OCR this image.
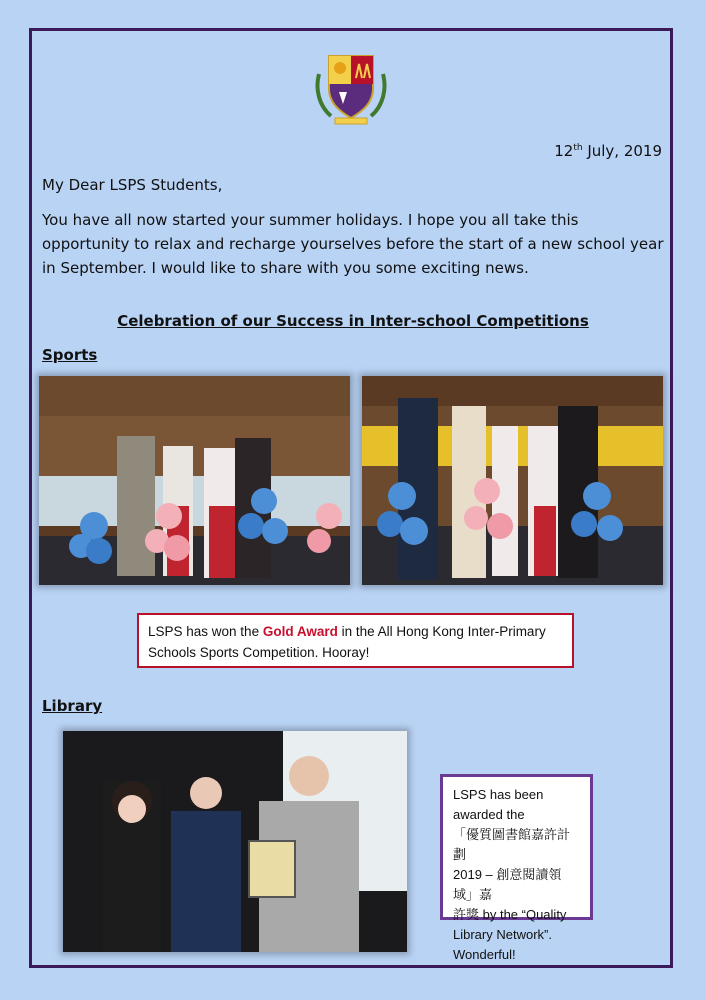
12th July, 2019
My Dear LSPS Students,
You have all now started your summer holidays. I hope you all take this opportunity to relax and recharge yourselves before the start of a new school year in September. I would like to share with you some exciting news.
Celebration of our Success in Inter-school Competitions
Sports
LSPS has won the Gold Award in the All Hong Kong Inter-Primary Schools Sports Competition. Hooray!
Library
LSPS has been awarded the
「優質圖書館嘉許計劃
2019 – 創意閱讀領域」嘉
許獎 by the “Quality
Library Network”.
Wonderful!
